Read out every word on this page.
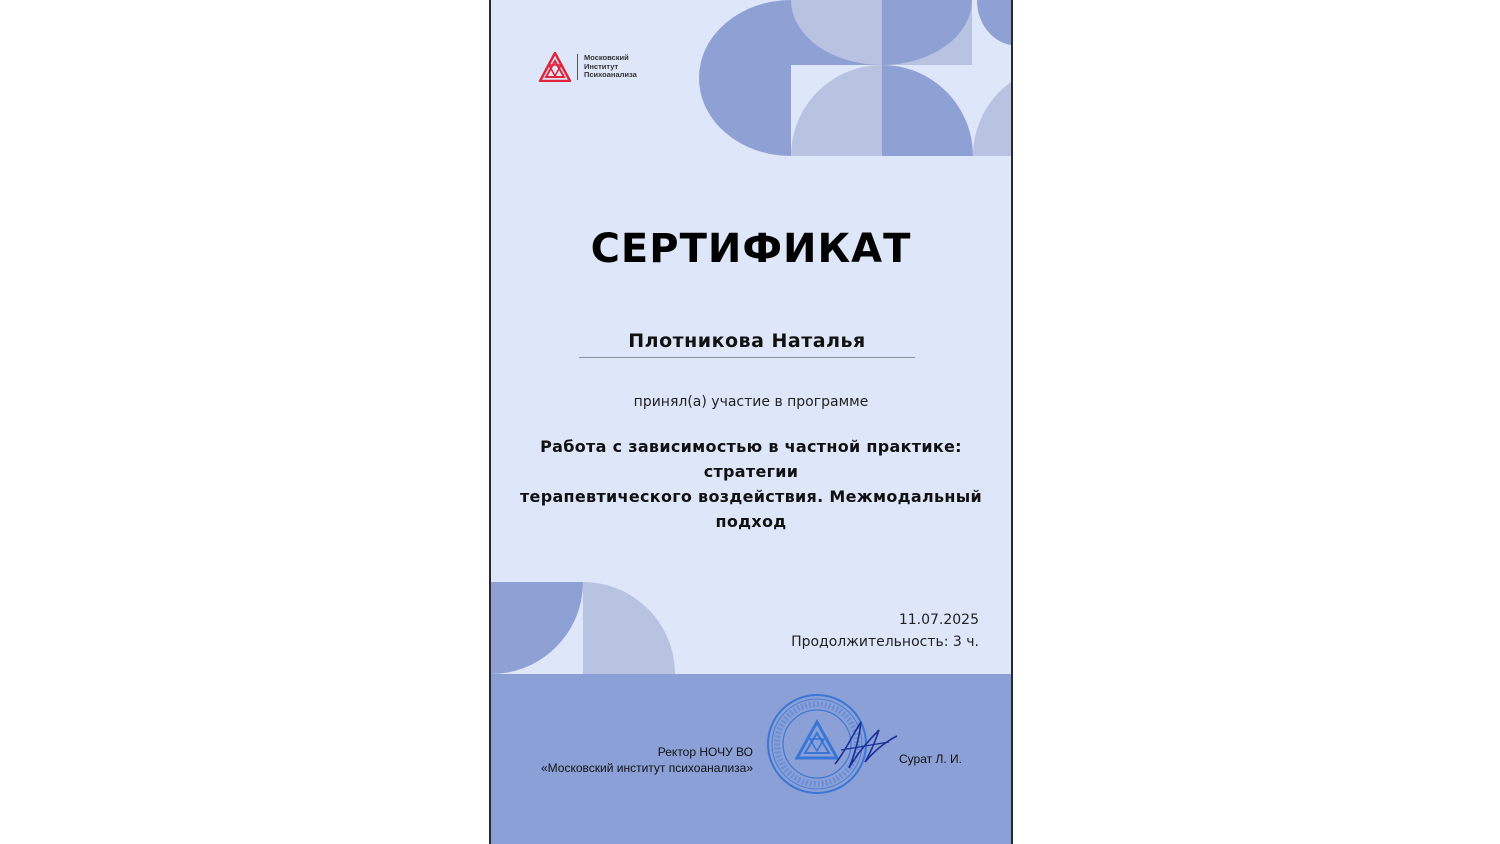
Московский
Институт
Психоанализа
СЕРТИФИКАТ
Плотникова Наталья
принял(а) участие в программе
Работа с зависимостью в частной практике: стратегии
терапевтического воздействия. Межмодальный
подход
11.07.2025
Продолжительность: 3 ч.
Ректор НОЧУ ВО
«Московский институт психоанализа»
Сурат Л. И.
